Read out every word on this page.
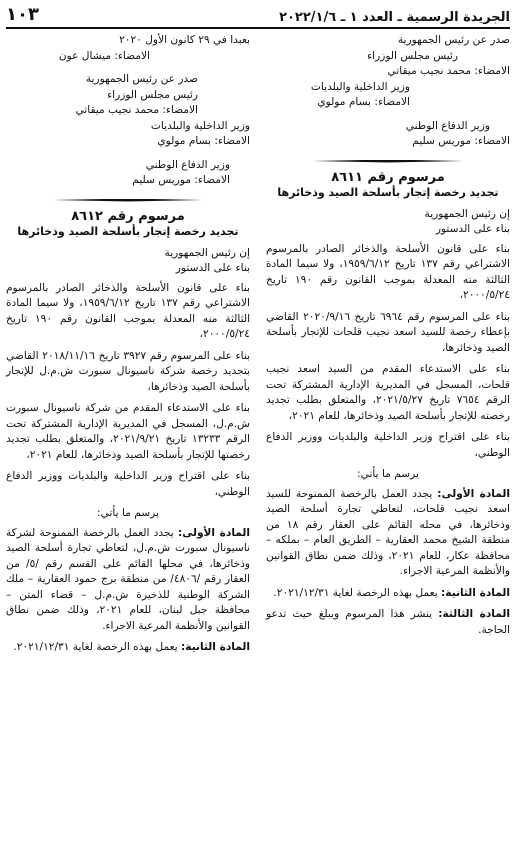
الجريدة الرسمية ـ العدد ١ ـ ٢٠٢٢/١/٦
١٠٣
صدر عن رئيس الجمهورية
رئيس مجلس الوزراء
الامضاء: محمد نجيب ميقاتي
وزير الداخلية والبلديات
الامضاء: بسام مولوي
وزير الدفاع الوطني
الامضاء: موريس سليم
مرسوم رقم ٨٦١١
تجديد رخصة إتجار بأسلحة الصيد وذخائرها
إن رئيس الجمهورية
بناء على الدستور
بناء على قانون الأسلحة والذخائر الصادر بالمرسوم الاشتراعي رقم ١٣٧ تاريخ ١٩٥٩/٦/١٢، ولا سيما المادة الثالثة منه المعدلة بموجب القانون رقم ١٩٠ تاريخ ٢٠٠٠/٥/٢٤،
بناء على المرسوم رقم ٦٩٦٤ تاريخ ٢٠٢٠/٩/١٦ القاضي بإعطاء رخصة للسيد اسعد نجيب قلحات للإتجار بأسلحة الصيد وذخائرها،
بناء على الاستدعاء المقدم من السيد اسعد نجيب قلحات، المسجل في المديرية الإدارية المشتركة تحت الرقم ٧٦٥٤ تاريخ ٢٠٢١/٥/٢٧، والمتعلق بطلب تجديد رخصته للإتجار بأسلحة الصيد وذخائرها، للعام ٢٠٢١،
بناء على اقتراح وزير الداخلية والبلديات ووزير الدفاع الوطني،
يرسم ما يأتي:
المادة الأولى: يجدد العمل بالرخصة الممنوحة للسيد اسعد نجيب قلحات، لتعاطي تجارة أسلحة الصيد وذخائرها، في محله القائم على العقار رقم ١٨ من منطقة الشيخ محمد العقارية – الطريق العام – بملكه – محافظة عكار، للعام ٢٠٢١، وذلك ضمن نطاق القوانين والأنظمة المرعية الاجراء.
المادة الثانية: يعمل بهذه الرخصة لغاية ٢٠٢١/١٢/٣١.
المادة الثالثة: ينشر هذا المرسوم ويبلغ حيث تدعو الحاجة.
بعبدا في ٢٩ كانون الأول ٢٠٢٠
الامضاء: ميشال عون
صدر عن رئيس الجمهورية
رئيس مجلس الوزراء
الامضاء: محمد نجيب ميقاتي
وزير الداخلية والبلديات
الامضاء: بسام مولوي
وزير الدفاع الوطني
الامضاء: موريس سليم
مرسوم رقم ٨٦١٢
تجديد رخصة إتجار بأسلحة الصيد وذخائرها
إن رئيس الجمهورية
بناء على الدستور
بناء على قانون الأسلحة والذخائر الصادر بالمرسوم الاشتراعي رقم ١٣٧ تاريخ ١٩٥٩/٦/١٢، ولا سيما المادة الثالثة منه المعدلة بموجب القانون رقم ١٩٠ تاريخ ٢٠٠٠/٥/٢٤،
بناء على المرسوم رقم ٣٩٢٧ تاريخ ٢٠١٨/١١/١٦ القاضي بتجديد رخصة شركة ناسيونال سبورت ش.م.ل للإتجار بأسلحة الصيد وذخائرها،
بناء على الاستدعاء المقدم من شركة ناسيونال سبورت ش.م.ل، المسجل في المديرية الإدارية المشتركة تحت الرقم ١٣٢٣٣ تاريخ ٢٠٢١/٩/٢١، والمتعلق بطلب تجديد رخصتها للإتجار بأسلحة الصيد وذخائرها، للعام ٢٠٢١،
بناء على اقتراح وزير الداخلية والبلديات ووزير الدفاع الوطني،
يرسم ما يأتي:
المادة الأولى: يجدد العمل بالرخصة الممنوحة لشركة ناسيونال سبورت ش.م.ل، لتعاطي تجارة أسلحة الصيد وذخائرها، في محلها القائم على القسم رقم /٥/ من العقار رقم /٤٨٠٦/ من منطقة برج حمود العقارية – ملك الشركة الوطنية للذخيرة ش.م.ل – قضاء المتن – محافظة جبل لبنان، للعام ٢٠٢١، وذلك ضمن نطاق القوانين والأنظمة المرعية الاجراء.
المادة الثانية: يعمل بهذه الرخصة لغاية ٢٠٢١/١٢/٣١.
